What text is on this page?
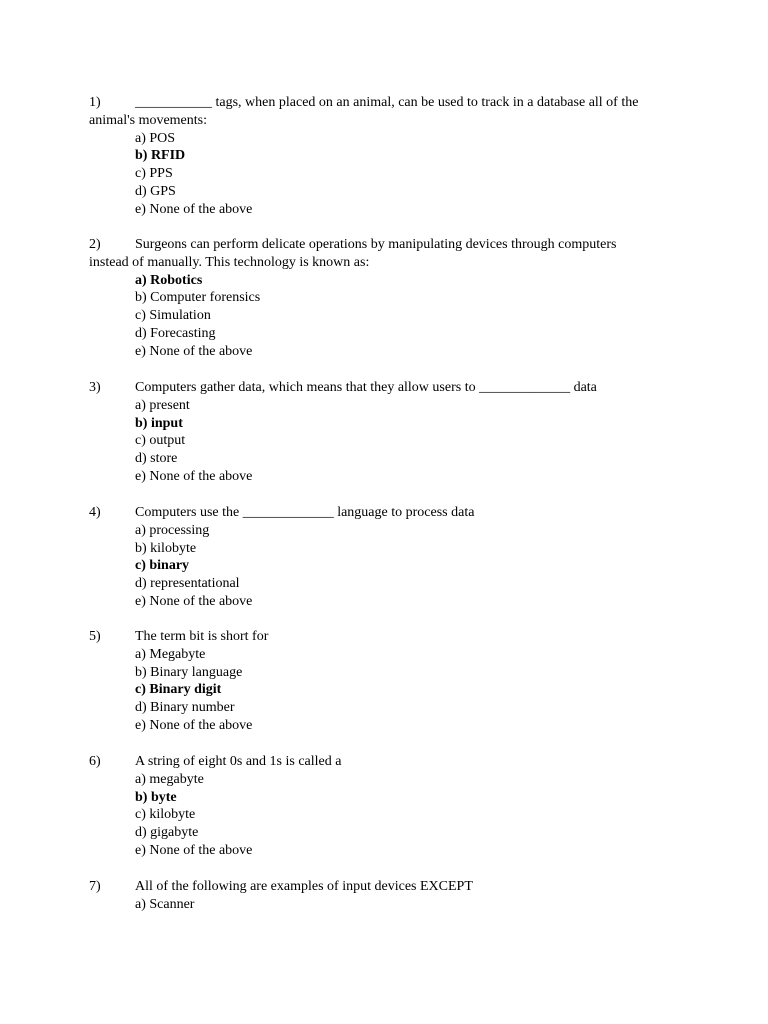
1) ___________ tags, when placed on an animal, can be used to track in a database all of the

animal's movements:

a) POS
b) RFID
c) PPS
d) GPS
e) None of the above

2) Surgeons can perform delicate operations by manipulating devices through computers

instead of manually. This technology is known as:

a) Robotics
b) Computer forensics
c) Simulation
d) Forecasting
e) None of the above

3) Computers gather data, which means that they allow users to _____________ data

a) present
b) input
c) output
d) store
e) None of the above

4) Computers use the _____________ language to process data

a) processing
b) kilobyte
c) binary
d) representational
e) None of the above

5) The term bit is short for

a) Megabyte
b) Binary language
c) Binary digit
d) Binary number
e) None of the above

6) A string of eight 0s and 1s is called a

a) megabyte
b) byte
c) kilobyte
d) gigabyte
e) None of the above

7) All of the following are examples of input devices EXCEPT

a) Scanner
